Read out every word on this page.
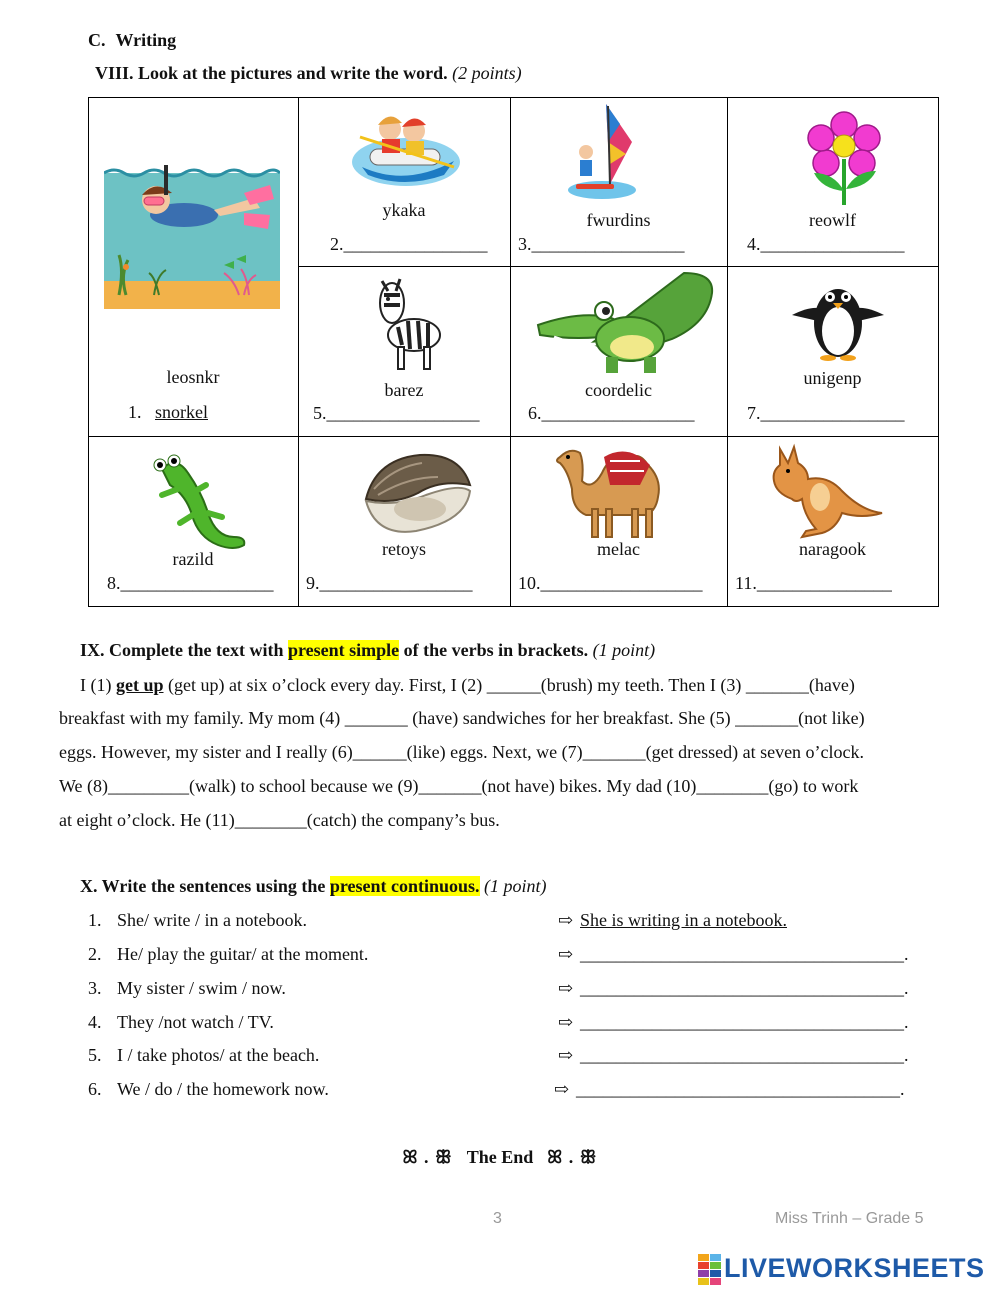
C. Writing
VIII. Look at the pictures and write the word. (2 points)
leosnkr
1. snorkel
ykaka
2.________________
fwurdins
3._________________
reowlf
4.________________
barez
5._________________
coordelic
6._________________
unigenp
7.________________
razild
8._________________
retoys
9._________________
melac
10.__________________
naragook
11._______________
IX. Complete the text with present simple of the verbs in brackets. (1 point)
I (1) get up (get up) at six o’clock every day. First, I (2) ______(brush) my teeth. Then I (3) _______(have)
breakfast with my family. My mom (4) _______ (have) sandwiches for her breakfast. She (5) _______(not like)
eggs. However, my sister and I really (6)______(like) eggs. Next, we (7)_______(get dressed) at seven o’clock.
We (8)_________(walk) to school because we (9)_______(not have) bikes. My dad (10)________(go) to work
at eight o’clock. He (11)________(catch) the company’s bus.
X. Write the sentences using the present continuous. (1 point)
1. She/ write / in a notebook.	⇨ She is writing in a notebook.
2. He/ play the guitar/ at the moment.	⇨ ____________________________________.
3. My sister / swim / now.	⇨ ____________________________________.
4. They /not watch / TV.	⇨ ____________________________________.
5. I / take photos/ at the beach.	⇨ ____________________________________.
6. We / do / the homework now.	⇨ ____________________________________.
ꕤ . ꕥ The End ꕤ . ꕥ
3	Miss Trinh – Grade 5
LIVEWORKSHEETS
